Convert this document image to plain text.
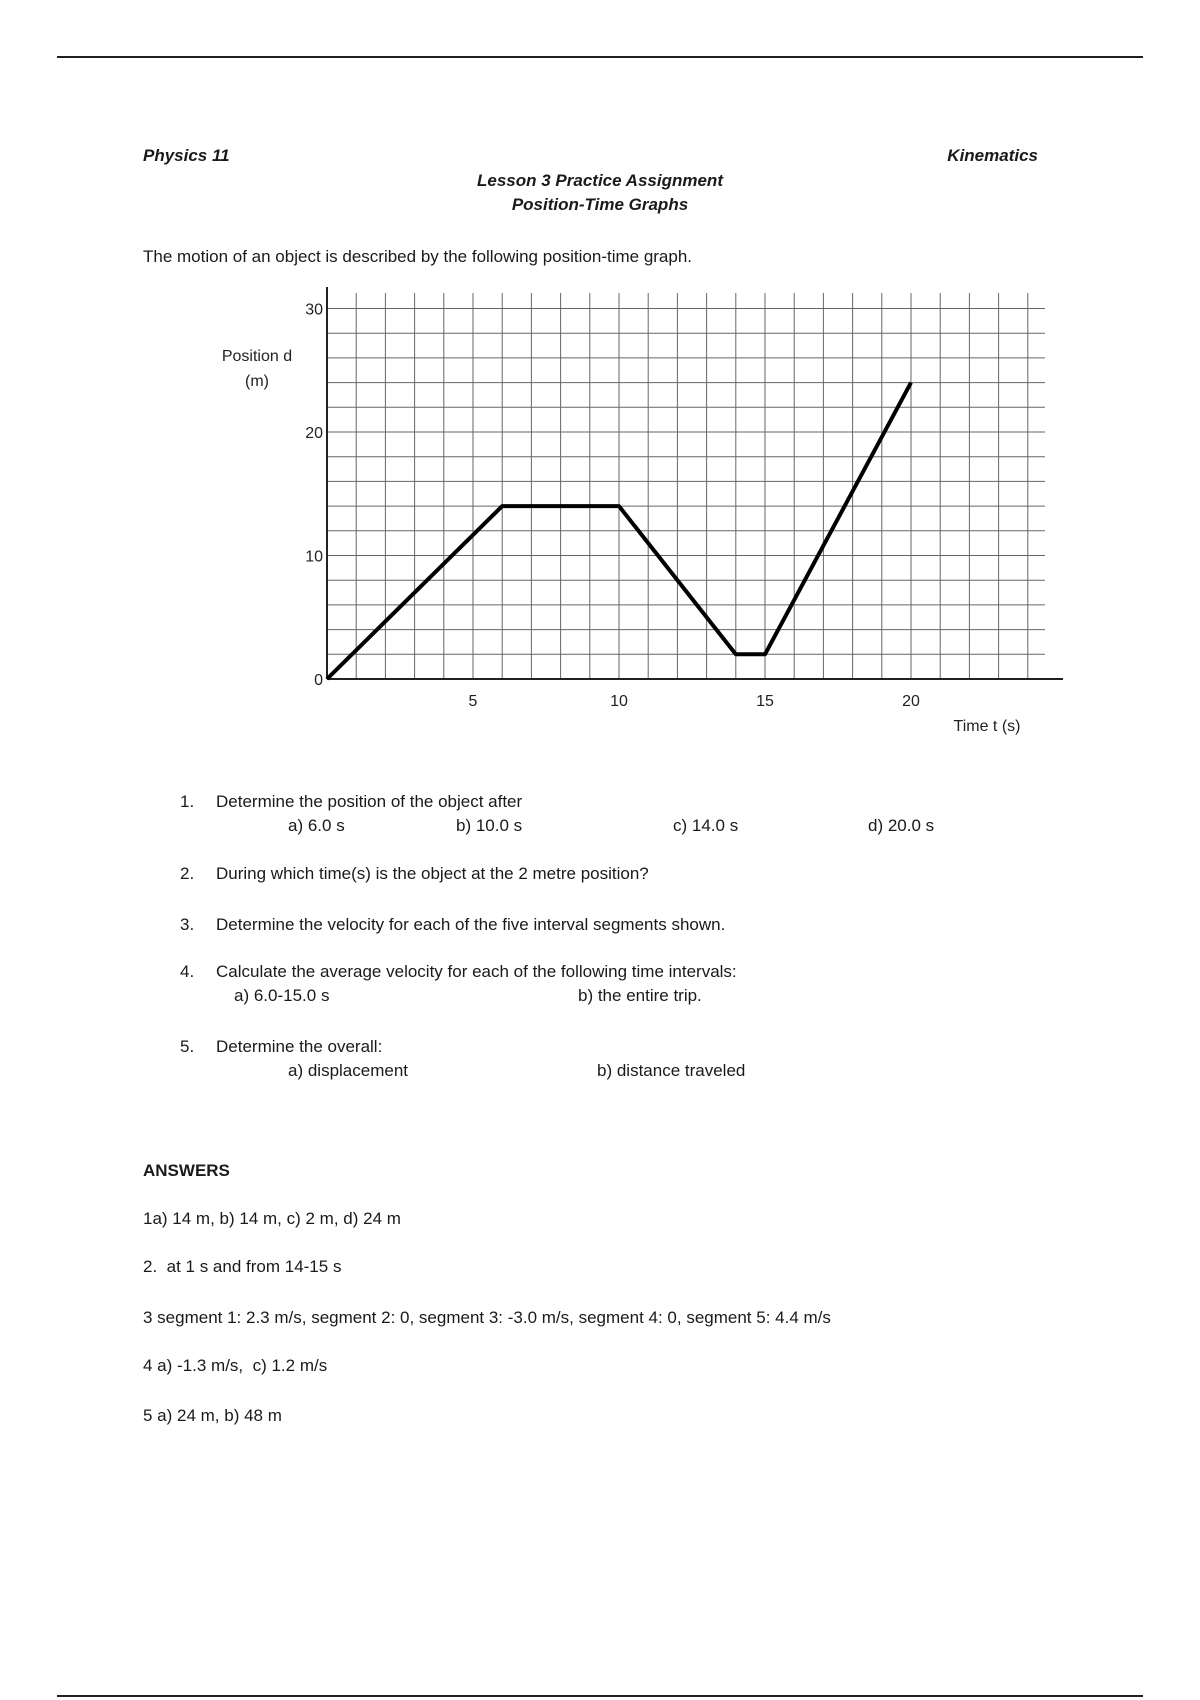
Physics 11	Kinematics
Lesson 3 Practice Assignment
Position-Time Graphs
The motion of an object is described by the following position-time graph.
0
10
20
30
5	10	15	20
Position d
(m)
Time t (s)
1. Determine the position of the object after
a) 6.0 s	b) 10.0 s	c) 14.0 s	d) 20.0 s
2. During which time(s) is the object at the 2 metre position?
3. Determine the velocity for each of the five interval segments shown.
4. Calculate the average velocity for each of the following time intervals:
a) 6.0-15.0 s	b) the entire trip.
5. Determine the overall:
a) displacement	b) distance traveled
ANSWERS
1a) 14 m, b) 14 m, c) 2 m, d) 24 m
2.  at 1 s and from 14-15 s
3 segment 1: 2.3 m/s, segment 2: 0, segment 3: -3.0 m/s, segment 4: 0, segment 5: 4.4 m/s
4 a) -1.3 m/s,  c) 1.2 m/s
5 a) 24 m, b) 48 m
